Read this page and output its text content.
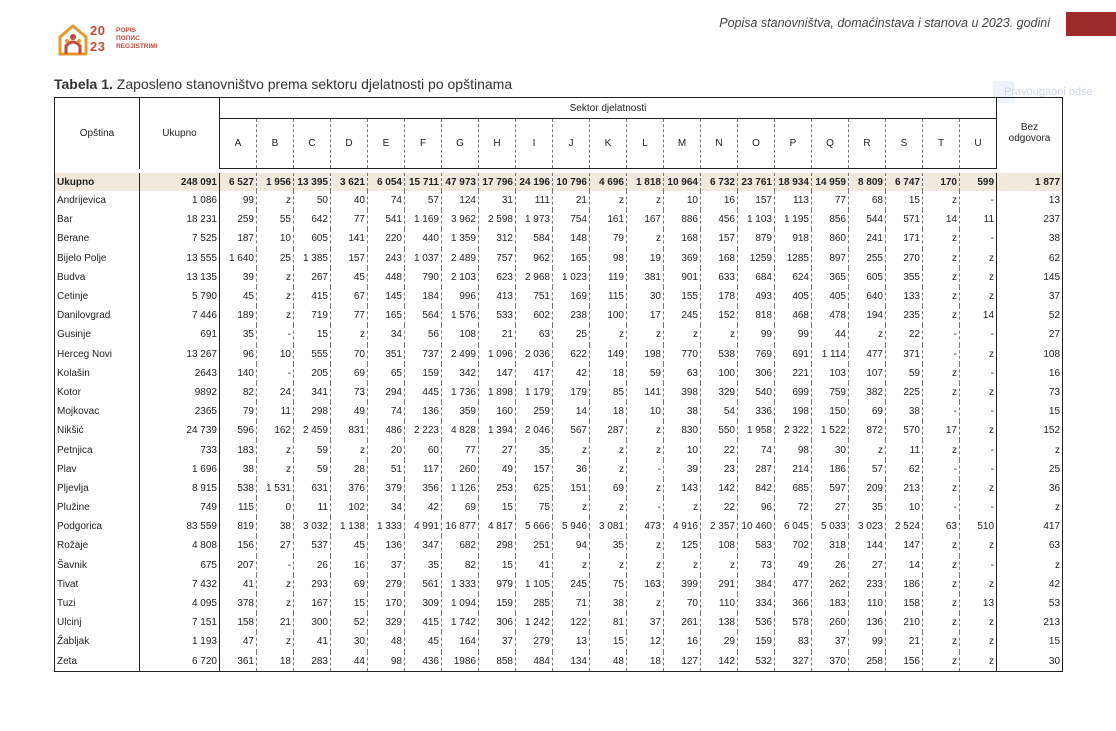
20
23
POPIS
ПОПИС
REGJISTRIMI
Popisa stanovništva, domaćinstava i stanova u 2023. godini
Pravougaoni odse
Tabela 1. Zaposleno stanovništvo prema sektoru djelatnosti po opštinama
Opština	Ukupno	Sektor djelatnosti																					Bez
odgovora
		A	B	C	D	E	F	G	H	I	J	K	L	M	N	O	P	Q	R	S	T	U	

Ukupno	248 091	6 527	1 956	13 395	3 621	6 054	15 711	47 973	17 796	24 196	10 796	4 696	1 818	10 964	6 732	23 761	18 934	14 959	8 809	6 747	170	599	1 877
Andrijevica	1 086	99	z	50	40	74	57	124	31	111	21	z	z	10	16	157	113	77	68	15	z	-	13
Bar	18 231	259	55	642	77	541	1 169	3 962	2 598	1 973	754	161	167	886	456	1 103	1 195	856	544	571	14	11	237
Berane	7 525	187	10	605	141	220	440	1 359	312	584	148	79	z	168	157	879	918	860	241	171	z	-	38
Bijelo Polje	13 555	1 640	25	1 385	157	243	1 037	2 489	757	962	165	98	19	369	168	1259	1285	897	255	270	z	z	62
Budva	13 135	39	z	267	45	448	790	2 103	623	2 968	1 023	119	381	901	633	684	624	365	605	355	z	z	145
Cetinje	5 790	45	z	415	67	145	184	996	413	751	169	115	30	155	178	493	405	405	640	133	z	z	37
Danilovgrad	7 446	189	z	719	77	165	564	1 576	533	602	238	100	17	245	152	818	468	478	194	235	z	14	52
Gusinje	691	35	-	15	z	34	56	108	21	63	25	z	z	z	z	99	99	44	z	22	-	-	27
Herceg Novi	13 267	96	10	555	70	351	737	2 499	1 096	2 036	622	149	198	770	538	769	691	1 114	477	371	-	z	108
Kolašin	2643	140	-	205	69	65	159	342	147	417	42	18	59	63	100	306	221	103	107	59	z	-	16
Kotor	9892	82	24	341	73	294	445	1 736	1 898	1 179	179	85	141	398	329	540	699	759	382	225	z	z	73
Mojkovac	2365	79	11	298	49	74	136	359	160	259	14	18	10	38	54	336	198	150	69	38	-	-	15
Nikšić	24 739	596	162	2 459	831	486	2 223	4 828	1 394	2 046	567	287	z	830	550	1 958	2 322	1 522	872	570	17	z	152
Petnjica	733	183	z	59	z	20	60	77	27	35	z	z	z	10	22	74	98	30	z	11	z	-	z
Plav	1 696	38	z	59	28	51	117	260	49	157	36	z	-	39	23	287	214	186	57	62	-	-	25
Pljevlja	8 915	538	1 531	631	376	379	356	1 126	253	625	151	69	z	143	142	842	685	597	209	213	z	z	36
Plužine	749	115	0	11	102	34	42	69	15	75	z	z	-	z	22	96	72	27	35	10	-	-	z
Podgorica	83 559	819	38	3 032	1 138	1 333	4 991	16 877	4 817	5 666	5 946	3 081	473	4 916	2 357	10 460	6 045	5 033	3 023	2 524	63	510	417
Rožaje	4 808	156	27	537	45	136	347	682	298	251	94	35	z	125	108	583	702	318	144	147	z	z	63
Šavnik	675	207	-	26	16	37	35	82	15	41	z	z	z	z	z	73	49	26	27	14	z	-	z
Tivat	7 432	41	z	293	69	279	561	1 333	979	1 105	245	75	163	399	291	384	477	262	233	186	z	z	42
Tuzi	4 095	378	z	167	15	170	309	1 094	159	285	71	38	z	70	110	334	366	183	110	158	z	13	53
Ulcinj	7 151	158	21	300	52	329	415	1 742	306	1 242	122	81	37	261	138	536	578	260	136	210	z	z	213
Žabljak	1 193	47	z	41	30	48	45	164	37	279	13	15	12	16	29	159	83	37	99	21	z	z	15
Zeta	6 720	361	18	283	44	98	436	1986	858	484	134	48	18	127	142	532	327	370	258	156	z	z	30
